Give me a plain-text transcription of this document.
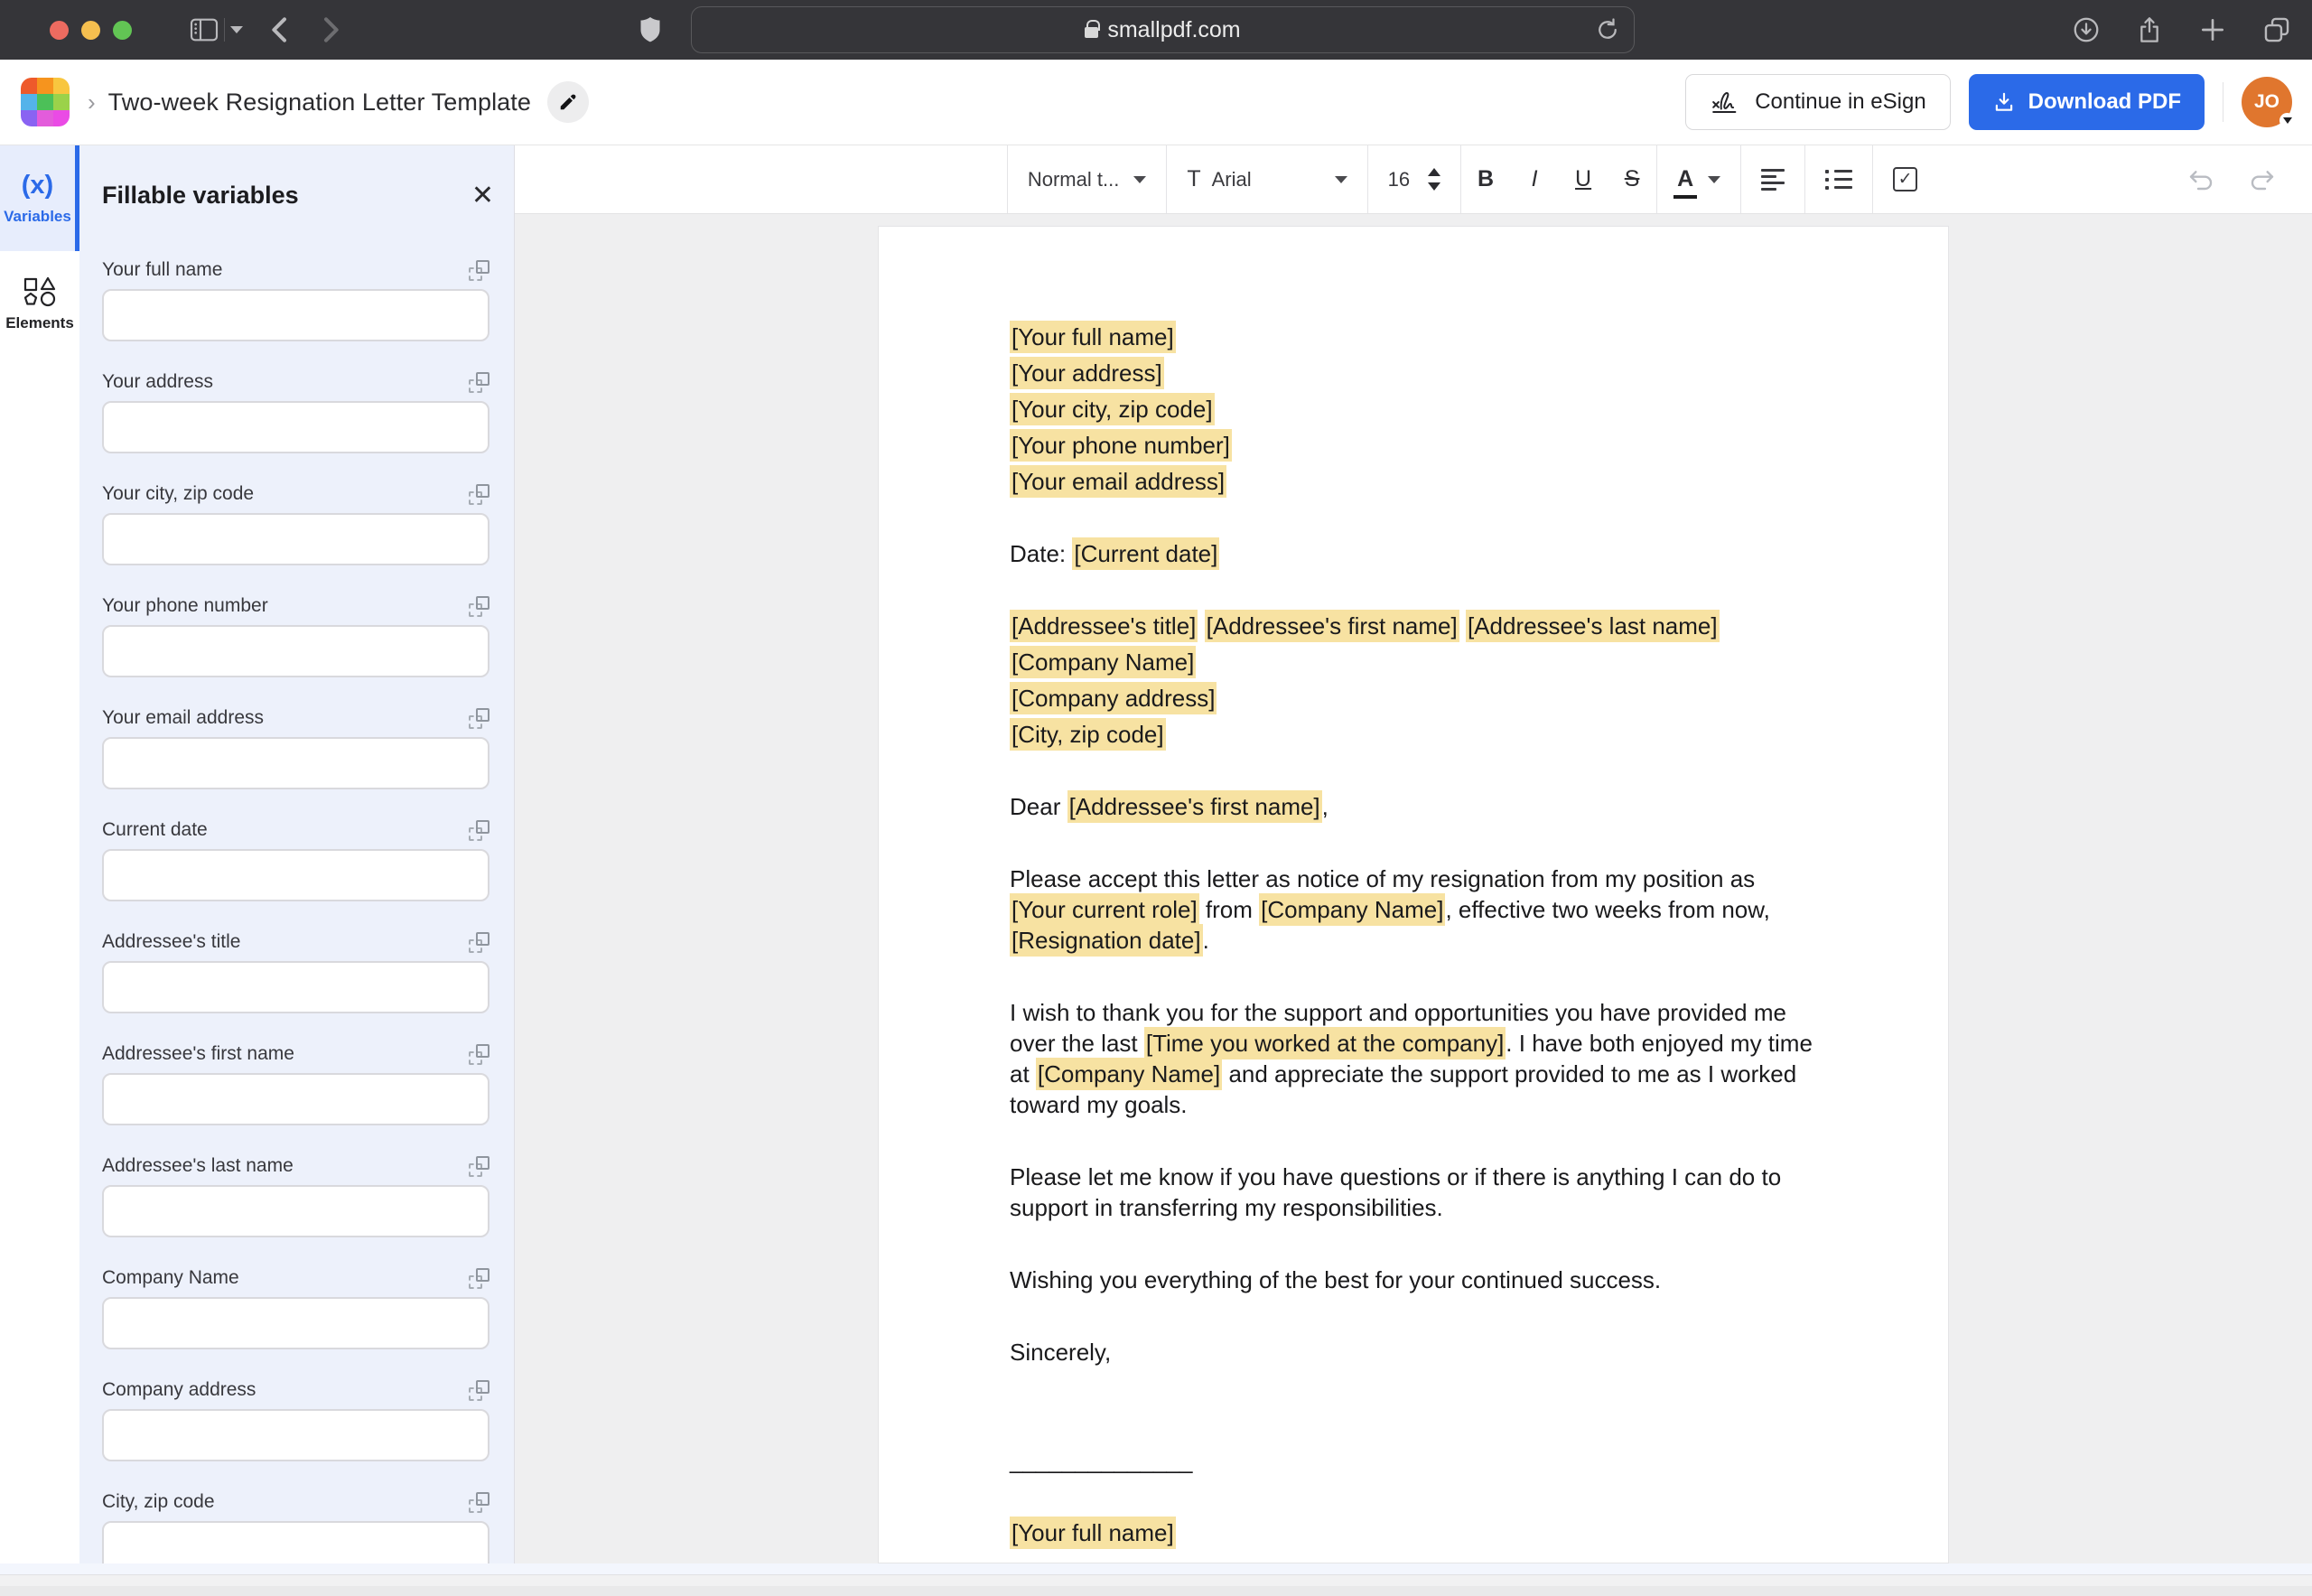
smallpdf.com
› Two-week Resignation Letter Template	Continue in eSign	Download PDF	JO
(x)
Variables
Elements
Fillable variables	✕
Your full name
Your address
Your city, zip code
Your phone number
Your email address
Current date
Addressee's title
Addressee's first name
Addressee's last name
Company Name
Company address
City, zip code
Normal t...	T Arial	16	B I U S A	✓

[Your full name]

[Your address]

[Your city, zip code]

[Your phone number]

[Your email address]

Date: [Current date]

[Addressee's title] [Addressee's first name] [Addressee's last name]

[Company Name]

[Company address]

[City, zip code]

Dear [Addressee's first name],

Please accept this letter as notice of my resignation from my position as [Your current role] from [Company Name], effective two weeks from now, [Resignation date].

I wish to thank you for the support and opportunities you have provided me over the last [Time you worked at the company]. I have both enjoyed my time at [Company Name] and appreciate the support provided to me as I worked toward my goals.

Please let me know if you have questions or if there is anything I can do to support in transferring my responsibilities.

Wishing you everything of the best for your continued success.

Sincerely,

______________

[Your full name]
